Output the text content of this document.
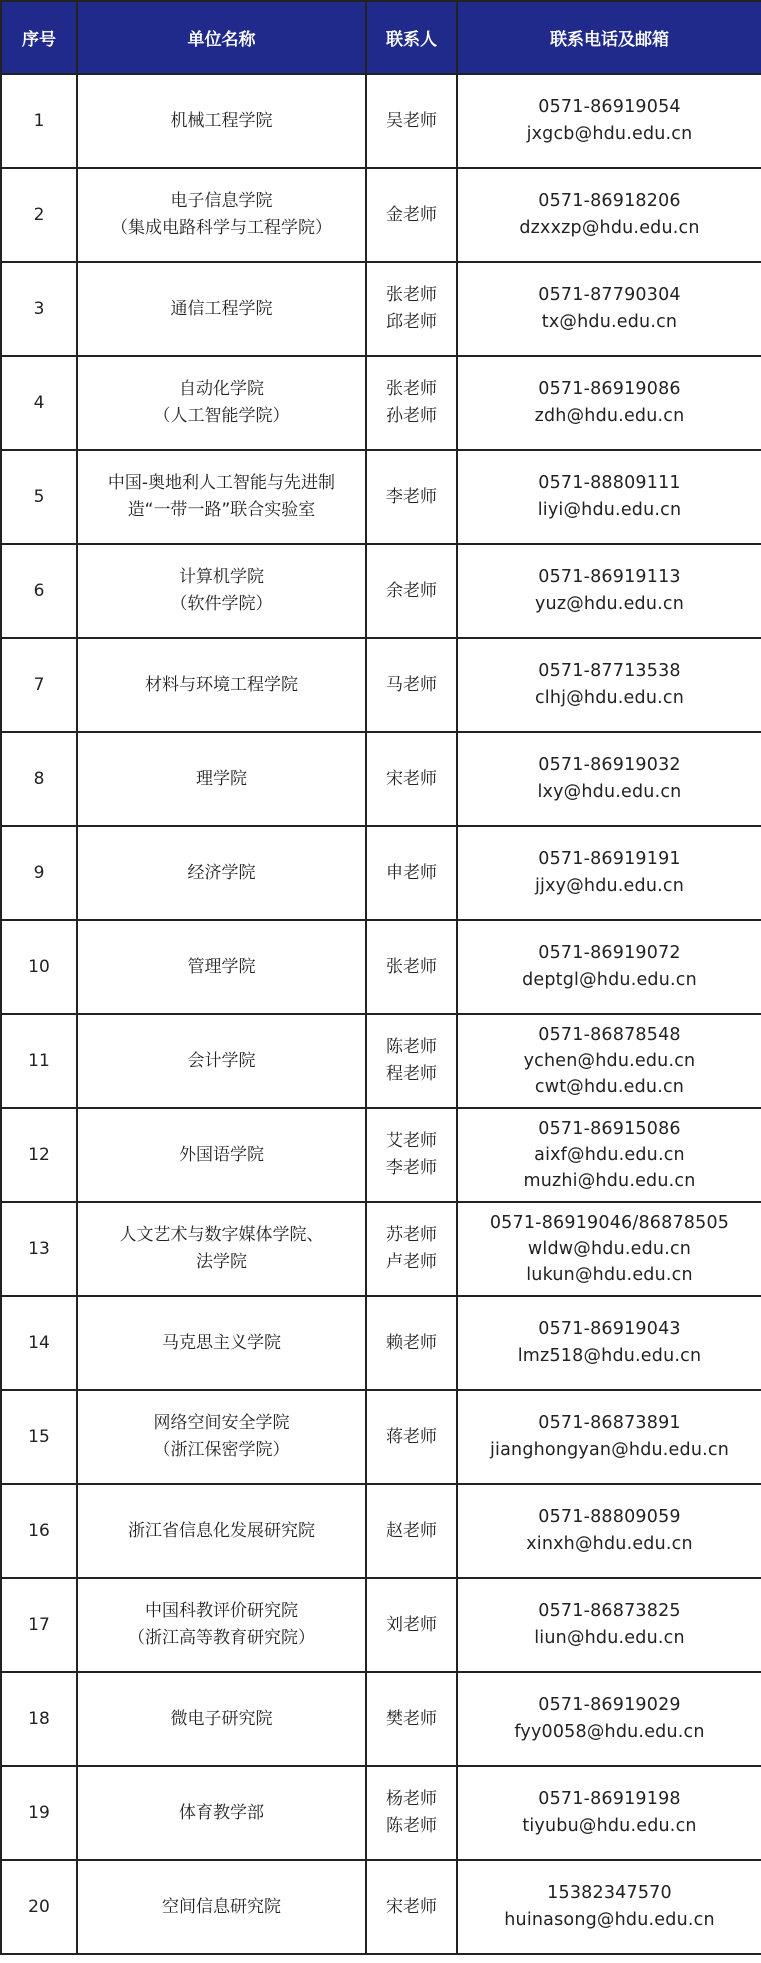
序号	单位名称	联系人	联系电话及邮箱
1	机械工程学院	吴老师	0571-86919054
jxgcb@hdu.edu.cn

2	电子信息学院
（集成电路科学与工程学院）	金老师	0571-86918206
dzxxzp@hdu.edu.cn

3	通信工程学院	张老师
邱老师	0571-87790304
tx@hdu.edu.cn

4	自动化学院
（人工智能学院）	张老师
孙老师	0571-86919086
zdh@hdu.edu.cn

5	中国-奥地利人工智能与先进制
造“一带一路”联合实验室	李老师	0571-88809111
liyi@hdu.edu.cn

6	计算机学院
（软件学院）	余老师	0571-86919113
yuz@hdu.edu.cn

7	材料与环境工程学院	马老师	0571-87713538
clhj@hdu.edu.cn

8	理学院	宋老师	0571-86919032
lxy@hdu.edu.cn

9	经济学院	申老师	0571-86919191
jjxy@hdu.edu.cn

10	管理学院	张老师	0571-86919072
deptgl@hdu.edu.cn

11	会计学院	陈老师
程老师	0571-86878548
ychen@hdu.edu.cn
cwt@hdu.edu.cn

12	外国语学院	艾老师
李老师	0571-86915086
aixf@hdu.edu.cn
muzhi@hdu.edu.cn

13	人文艺术与数字媒体学院、
法学院	苏老师
卢老师	0571-86919046/86878505
wldw@hdu.edu.cn
lukun@hdu.edu.cn

14	马克思主义学院	赖老师	0571-86919043
lmz518@hdu.edu.cn

15	网络空间安全学院
（浙江保密学院）	蒋老师	0571-86873891
jianghongyan@hdu.edu.cn

16	浙江省信息化发展研究院	赵老师	0571-88809059
xinxh@hdu.edu.cn

17	中国科教评价研究院
（浙江高等教育研究院）	刘老师	0571-86873825
liun@hdu.edu.cn

18	微电子研究院	樊老师	0571-86919029
fyy0058@hdu.edu.cn

19	体育教学部	杨老师
陈老师	0571-86919198
tiyubu@hdu.edu.cn

20	空间信息研究院	宋老师	15382347570
huinasong@hdu.edu.cn
